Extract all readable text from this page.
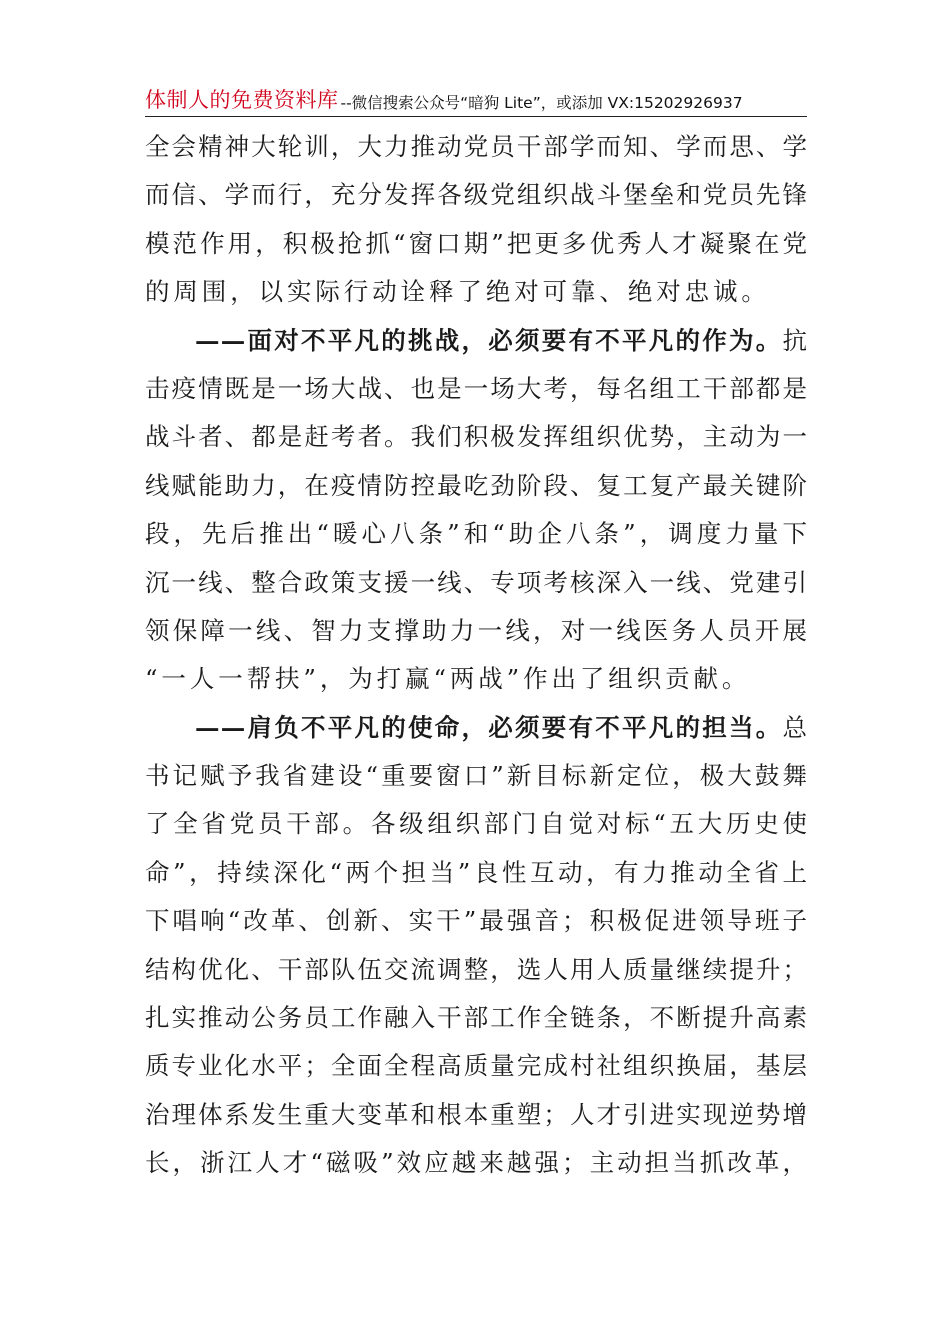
体制人的免费资料库 --微信搜索公众号“暗狗 Lite”，或添加 VX:15202926937
全会精神大轮训，大力推动党员干部学而知、学而思、学
而信、学而行，充分发挥各级党组织战斗堡垒和党员先锋
模范作用，积极抢抓“窗口期”把更多优秀人才凝聚在党
的周围，以实际行动诠释了绝对可靠、绝对忠诚。
——面对不平凡的挑战，必须要有不平凡的作为。抗
击疫情既是一场大战、也是一场大考，每名组工干部都是
战斗者、都是赶考者。我们积极发挥组织优势，主动为一
线赋能助力，在疫情防控最吃劲阶段、复工复产最关键阶
段，先后推出“暖心八条”和“助企八条”，调度力量下
沉一线、整合政策支援一线、专项考核深入一线、党建引
领保障一线、智力支撑助力一线，对一线医务人员开展
“一人一帮扶”，为打赢“两战”作出了组织贡献。
——肩负不平凡的使命，必须要有不平凡的担当。总
书记赋予我省建设“重要窗口”新目标新定位，极大鼓舞
了全省党员干部。各级组织部门自觉对标“五大历史使
命”，持续深化“两个担当”良性互动，有力推动全省上
下唱响“改革、创新、实干”最强音；积极促进领导班子
结构优化、干部队伍交流调整，选人用人质量继续提升；
扎实推动公务员工作融入干部工作全链条，不断提升高素
质专业化水平；全面全程高质量完成村社组织换届，基层
治理体系发生重大变革和根本重塑；人才引进实现逆势增
长，浙江人才“磁吸”效应越来越强；主动担当抓改革，
